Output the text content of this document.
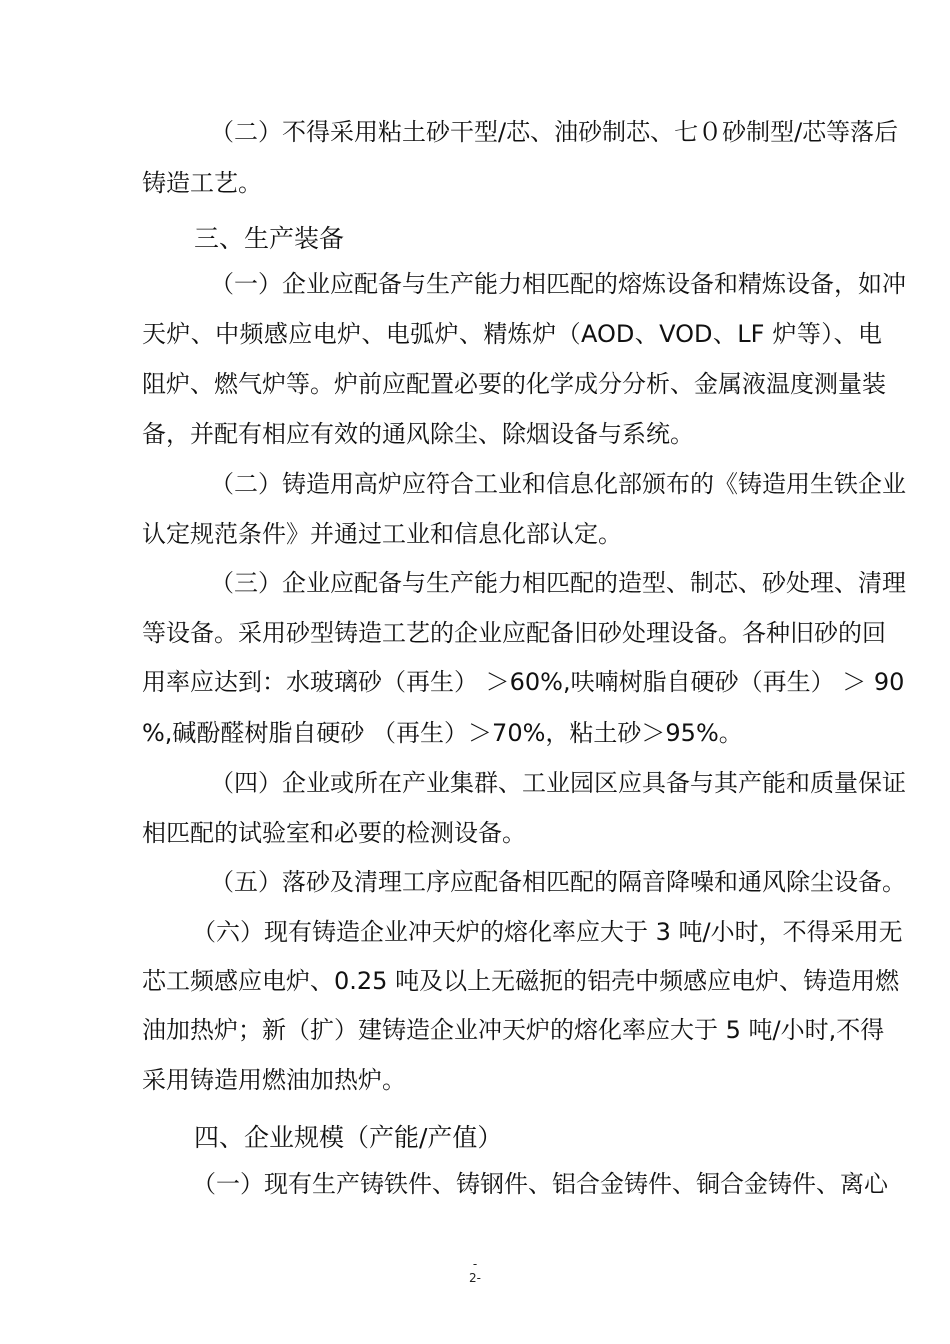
（二）不得采用粘土砂干型/芯、油砂制芯、七０砂制型/芯等落后
铸造工艺。
三、生产装备
（一）企业应配备与生产能力相匹配的熔炼设备和精炼设备，如冲
天炉、中频感应电炉、电弧炉、精炼炉（AOD、VOD、LF 炉等）、电
阻炉、燃气炉等。炉前应配置必要的化学成分分析、金属液温度测量装
备，并配有相应有效的通风除尘、除烟设备与系统。
（二）铸造用高炉应符合工业和信息化部颁布的《铸造用生铁企业
认定规范条件》并通过工业和信息化部认定。
（三）企业应配备与生产能力相匹配的造型、制芯、砂处理、清理
等设备。采用砂型铸造工艺的企业应配备旧砂处理设备。各种旧砂的回
用率应达到：水玻璃砂（再生） ＞60%,呋喃树脂自硬砂（再生） ＞ 90
%,碱酚醛树脂自硬砂 （再生）＞70%，粘土砂＞95%。
（四）企业或所在产业集群、工业园区应具备与其产能和质量保证
相匹配的试验室和必要的检测设备。
（五）落砂及清理工序应配备相匹配的隔音降噪和通风除尘设备。
（六）现有铸造企业冲天炉的熔化率应大于 3 吨/小时，不得采用无
芯工频感应电炉、0.25 吨及以上无磁扼的铝壳中频感应电炉、铸造用燃
油加热炉；新（扩）建铸造企业冲天炉的熔化率应大于 5 吨/小时,不得
采用铸造用燃油加热炉。
四、企业规模（产能/产值）
（一）现有生产铸铁件、铸钢件、铝合金铸件、铜合金铸件、离心
-
2-
